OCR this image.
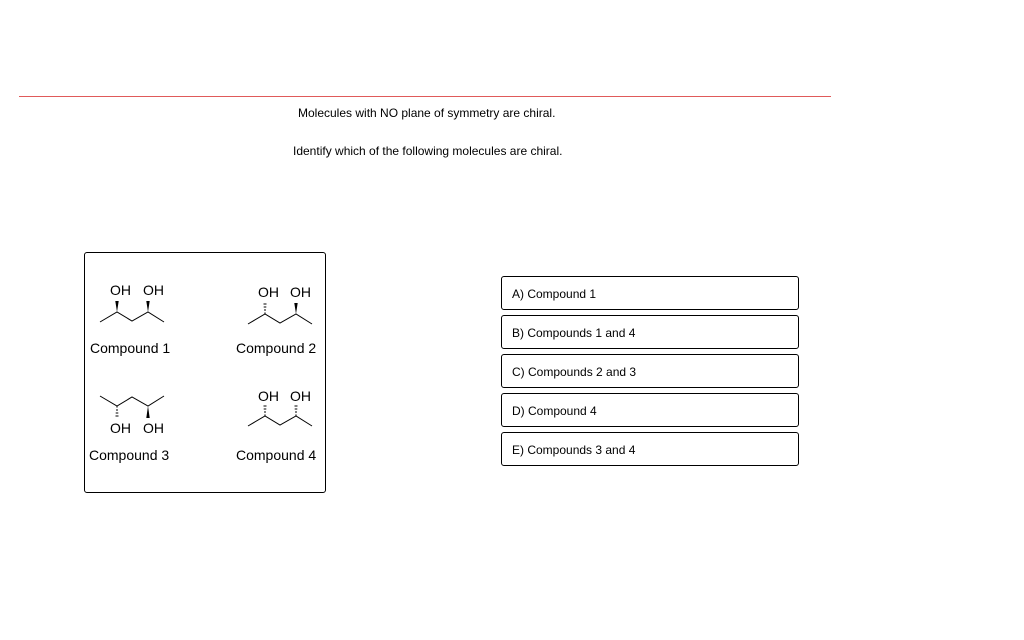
Molecules with NO plane of symmetry are chiral.
Identify which of the following molecules are chiral.
OH OH
Compound 1
OH OH
Compound 2
OH OH
Compound 3
OH OH
Compound 4
A) Compound 1
B) Compounds 1 and 4
C) Compounds 2 and 3
D) Compound 4
E) Compounds 3 and 4
